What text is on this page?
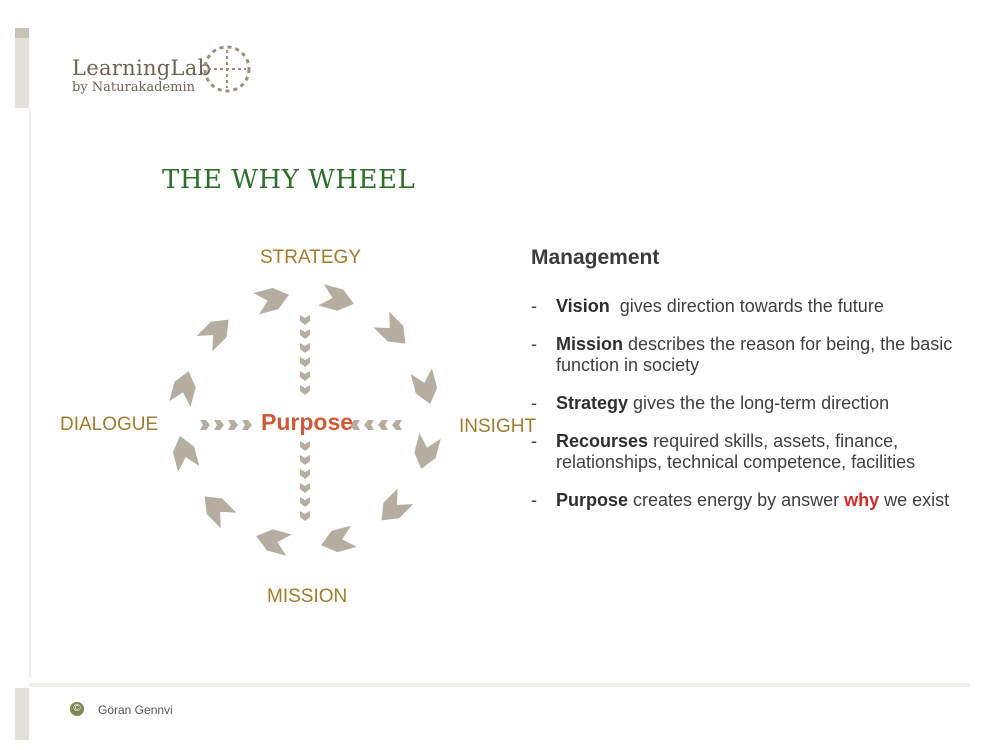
LearningLab
by Naturakademin
THE WHY WHEEL
STRATEGY
DIALOGUE	INSIGHT
MISSION
Purpose
Management
- Vision  gives direction towards the future
- Mission describes the reason for being, the basic function in society
- Strategy gives the the long-term direction
- Recourses required skills, assets, finance, relationships, technical competence, facilities
- Purpose creates energy by answer why we exist
© Göran Gennvi
